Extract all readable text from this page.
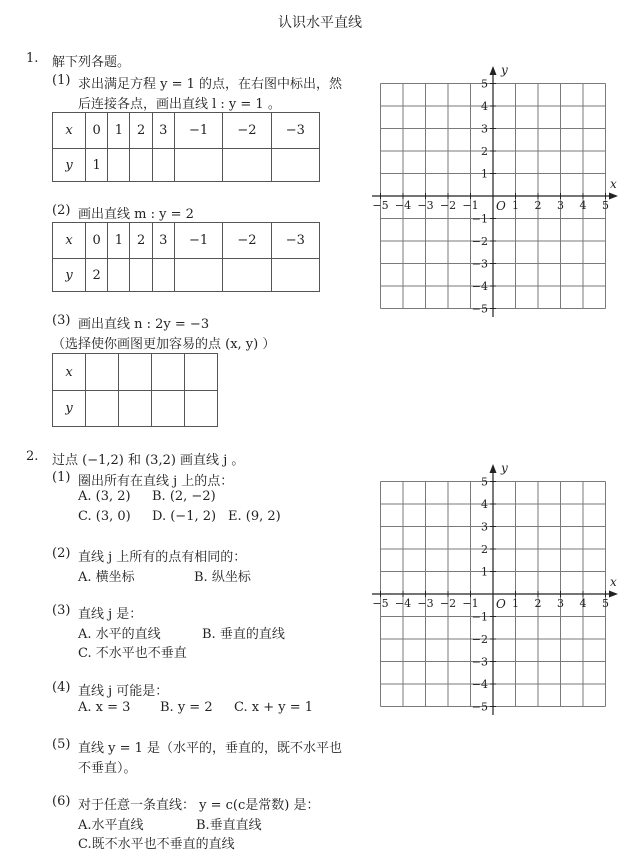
认识水平直线
1. 解下列各题。
(1) 求出满足方程 y = 1 的点，在右图中标出，然
后连接各点，画出直线 l : y = 1 。
x	0	1	2	3	−1	−2	−3
y	1						
(2) 画出直线 m : y = 2
x	0	1	2	3	−1	−2	−3
y	2						
(3) 画出直线 n : 2y = −3
（选择使你画图更加容易的点 (x, y) ）
x				
y				
2. 过点 (−1,2) 和 (3,2) 画直线 j 。
(1) 圈出所有在直线 j 上的点：
A. (3, 2) B. (2, −2)
C. (3, 0) D. (−1, 2) E. (9, 2)
(2) 直线 j 上所有的点有相同的：
A. 横坐标	B. 纵坐标
(3) 直线 j 是：
A. 水平的直线	B. 垂直的直线
C. 不水平也不垂直
(4) 直线 j 可能是：
A. x = 3 B. y = 2 C. x + y = 1
(5) 直线 y = 1 是（水平的，垂直的，既不水平也
不垂直）。
(6) 对于任意一条直线： y = c(c是常数) 是：
A.水平直线	B.垂直直线
C.既不水平也不垂直的直线
x
y
O
−5 −4 −3 −2 −1	1 2 3 4 5
5
4
3
2
1
−1
−2
−3
−4
−5
x
y
O
−5 −4 −3 −2 −1	1 2 3 4 5
5
4
3
2
1
−1
−2
−3
−4
−5
